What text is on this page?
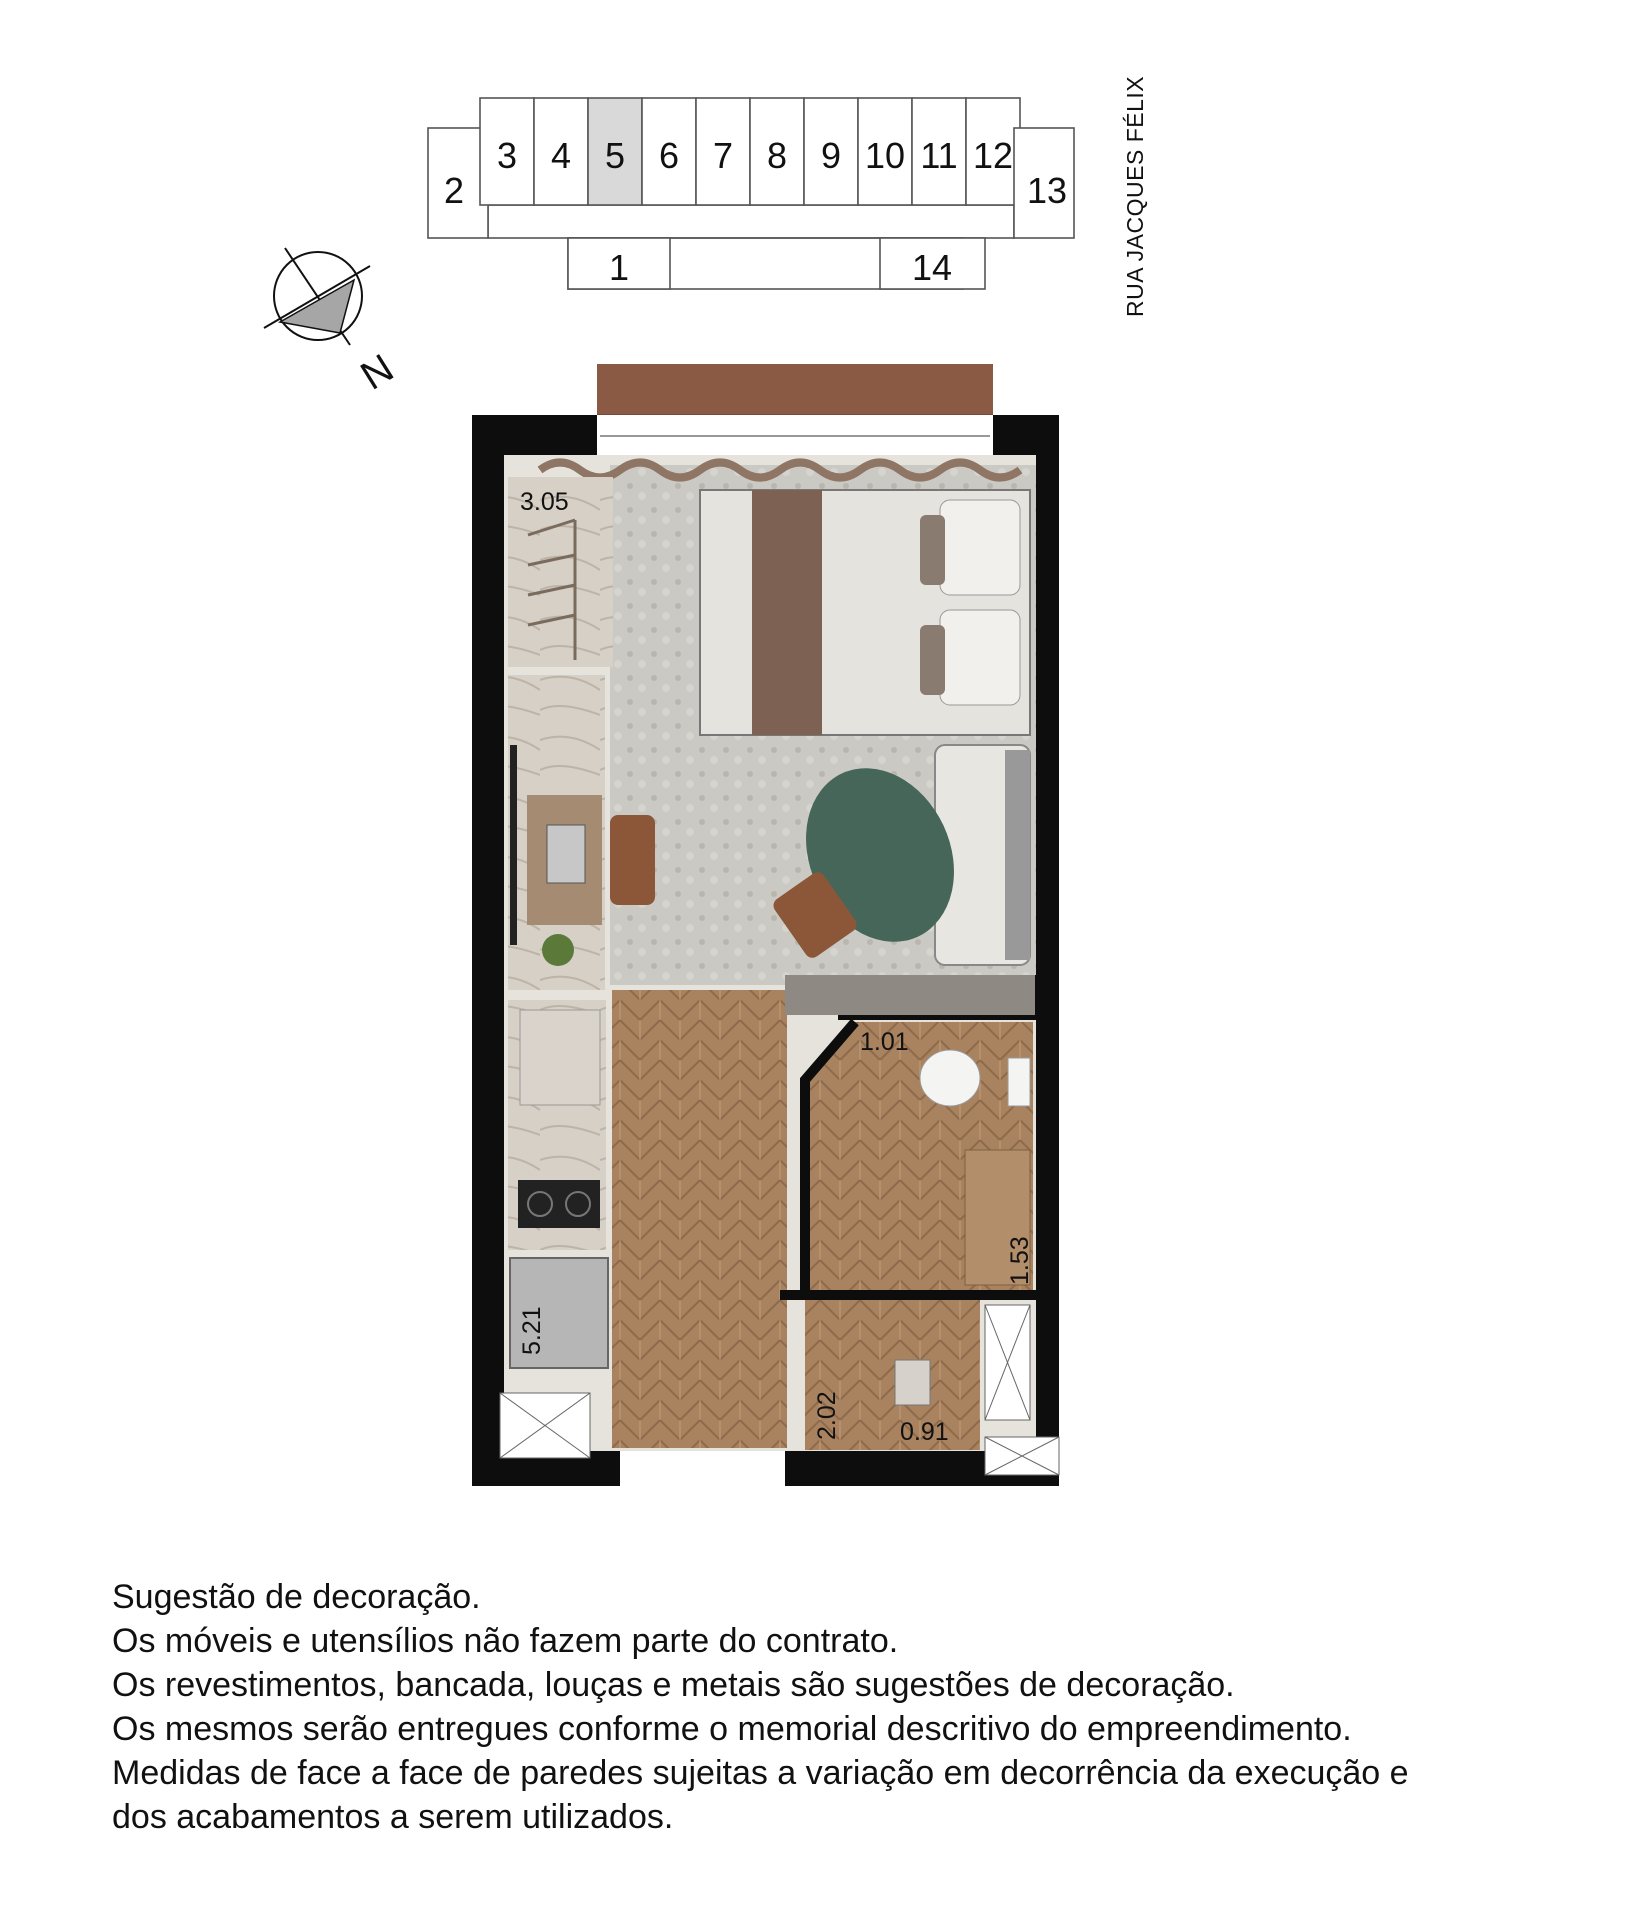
2
3 4 5 6 7 8 9 10 11 12
13
1	14	RUA JACQUES FÉLIX
N
3.05
5.21
1.01
1.53
2.02 0.91
Sugestão de decoração.
Os móveis e utensílios não fazem parte do contrato.
Os revestimentos, bancada, louças e metais são sugestões de decoração.
Os mesmos serão entregues conforme o memorial descritivo do empreendimento.
Medidas de face a face de paredes sujeitas a variação em decorrência da execução e
dos acabamentos a serem utilizados.
